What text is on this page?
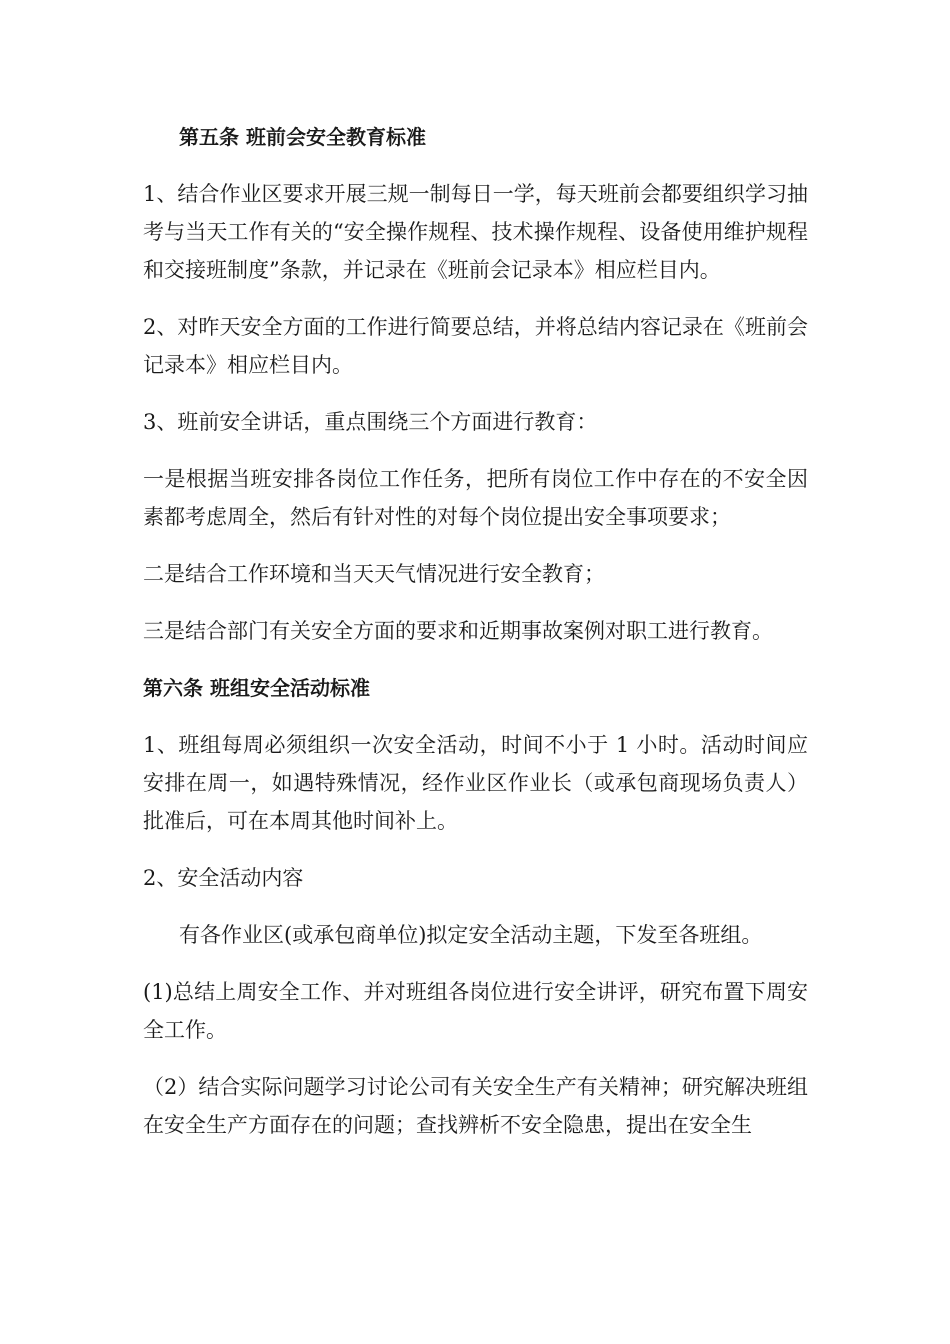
第五条 班前会安全教育标准

1、结合作业区要求开展三规一制每日一学，每天班前会都要组织学习抽考与当天工作有关的“安全操作规程、技术操作规程、设备使用维护规程和交接班制度”条款，并记录在《班前会记录本》相应栏目内。

2、对昨天安全方面的工作进行简要总结，并将总结内容记录在《班前会记录本》相应栏目内。

3、班前安全讲话，重点围绕三个方面进行教育：

一是根据当班安排各岗位工作任务，把所有岗位工作中存在的不安全因素都考虑周全，然后有针对性的对每个岗位提出安全事项要求；

二是结合工作环境和当天天气情况进行安全教育；

三是结合部门有关安全方面的要求和近期事故案例对职工进行教育。

第六条 班组安全活动标准

1、班组每周必须组织一次安全活动，时间不小于 1 小时。活动时间应安排在周一，如遇特殊情况，经作业区作业长（或承包商现场负责人）批准后，可在本周其他时间补上。

2、安全活动内容

有各作业区(或承包商单位)拟定安全活动主题，下发至各班组。

(1)总结上周安全工作、并对班组各岗位进行安全讲评，研究布置下周安全工作。

（2）结合实际问题学习讨论公司有关安全生产有关精神；研究解决班组在安全生产方面存在的问题；查找辨析不安全隐患，提出在安全生
